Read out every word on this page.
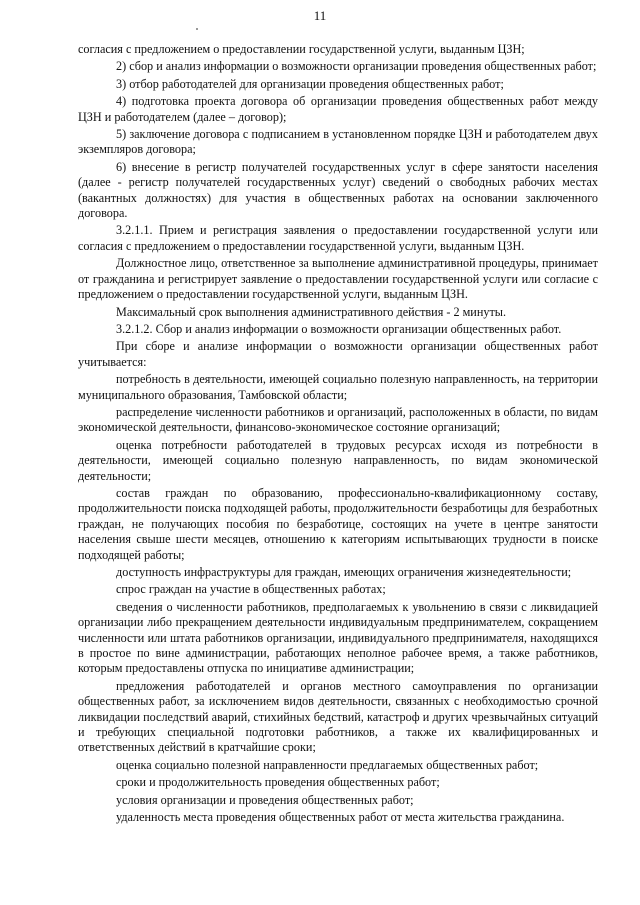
11

согласия с предложением о предоставлении государственной услуги, выданным ЦЗН;

2) сбор и анализ информации о возможности организации проведения общественных работ;

3) отбор работодателей для организации проведения общественных работ;

4) подготовка проекта договора об организации проведения общественных работ между ЦЗН и работодателем (далее – договор);

5) заключение договора с подписанием в установленном порядке ЦЗН и работодателем двух экземпляров договора;

6) внесение в регистр получателей государственных услуг в сфере занятости населения (далее - регистр получателей государственных услуг) сведений о свободных рабочих местах (вакантных должностях) для участия в общественных работах на основании заключенного договора.

3.2.1.1. Прием и регистрация заявления о предоставлении государственной услуги или согласия с предложением о предоставлении государственной услуги, выданным ЦЗН.

Должностное лицо, ответственное за выполнение административной процедуры, принимает от гражданина и регистрирует заявление о предоставлении государственной услуги или согласие с предложением о предоставлении государственной услуги, выданным ЦЗН.

Максимальный срок выполнения административного действия - 2 минуты.

3.2.1.2. Сбор и анализ информации о возможности организации общественных работ.

При сборе и анализе информации о возможности организации общественных работ учитывается:

потребность в деятельности, имеющей социально полезную направленность, на территории муниципального образования, Тамбовской области;

распределение численности работников и организаций, расположенных в области, по видам экономической деятельности, финансово-экономическое состояние организаций;

оценка потребности работодателей в трудовых ресурсах исходя из потребности в деятельности, имеющей социально полезную направленность, по видам экономической деятельности;

состав граждан по образованию, профессионально-квалификационному составу, продолжительности поиска подходящей работы, продолжительности безработицы для безработных граждан, не получающих пособия по безработице, состоящих на учете в центре занятости населения свыше шести месяцев, отношению к категориям испытывающих трудности в поиске подходящей работы;

доступность инфраструктуры для граждан, имеющих ограничения жизнедеятельности;

спрос граждан на участие в общественных работах;

сведения о численности работников, предполагаемых к увольнению в связи с ликвидацией организации либо прекращением деятельности индивидуальным предпринимателем, сокращением численности или штата работников организации, индивидуального предпринимателя, находящихся в простое по вине администрации, работающих неполное рабочее время, а также работников, которым предоставлены отпуска по инициативе администрации;

предложения работодателей и органов местного самоуправления по организации общественных работ, за исключением видов деятельности, связанных с необходимостью срочной ликвидации последствий аварий, стихийных бедствий, катастроф и других чрезвычайных ситуаций и требующих специальной подготовки работников, а также их квалифицированных и ответственных действий в кратчайшие сроки;

оценка социально полезной направленности предлагаемых общественных работ;

сроки и продолжительность проведения общественных работ;

условия организации и проведения общественных работ;

удаленность места проведения общественных работ от места жительства гражданина.
